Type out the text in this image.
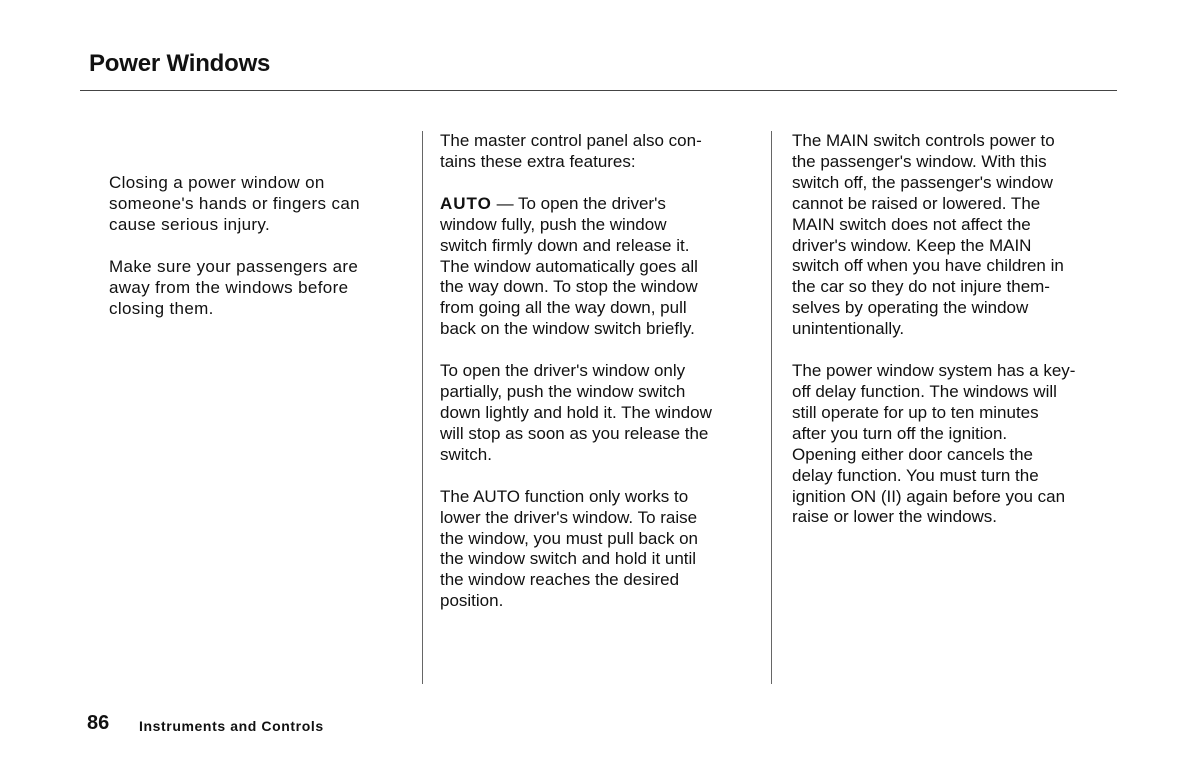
Power Windows

Closing a power window on
someone's hands or fingers can
cause serious injury.

Make sure your passengers are
away from the windows before
closing them.

The master control panel also con-
tains these extra features:

AUTO — To open the driver's
window fully, push the window
switch firmly down and release it.
The window automatically goes all
the way down. To stop the window
from going all the way down, pull
back on the window switch briefly.

To open the driver's window only
partially, push the window switch
down lightly and hold it. The window
will stop as soon as you release the
switch.

The AUTO function only works to
lower the driver's window. To raise
the window, you must pull back on
the window switch and hold it until
the window reaches the desired
position.

The MAIN switch controls power to
the passenger's window. With this
switch off, the passenger's window
cannot be raised or lowered. The
MAIN switch does not affect the
driver's window. Keep the MAIN
switch off when you have children in
the car so they do not injure them-
selves by operating the window
unintentionally.

The power window system has a key-
off delay function. The windows will
still operate for up to ten minutes
after you turn off the ignition.
Opening either door cancels the
delay function. You must turn the
ignition ON (II) again before you can
raise or lower the windows.

86 Instruments and Controls
